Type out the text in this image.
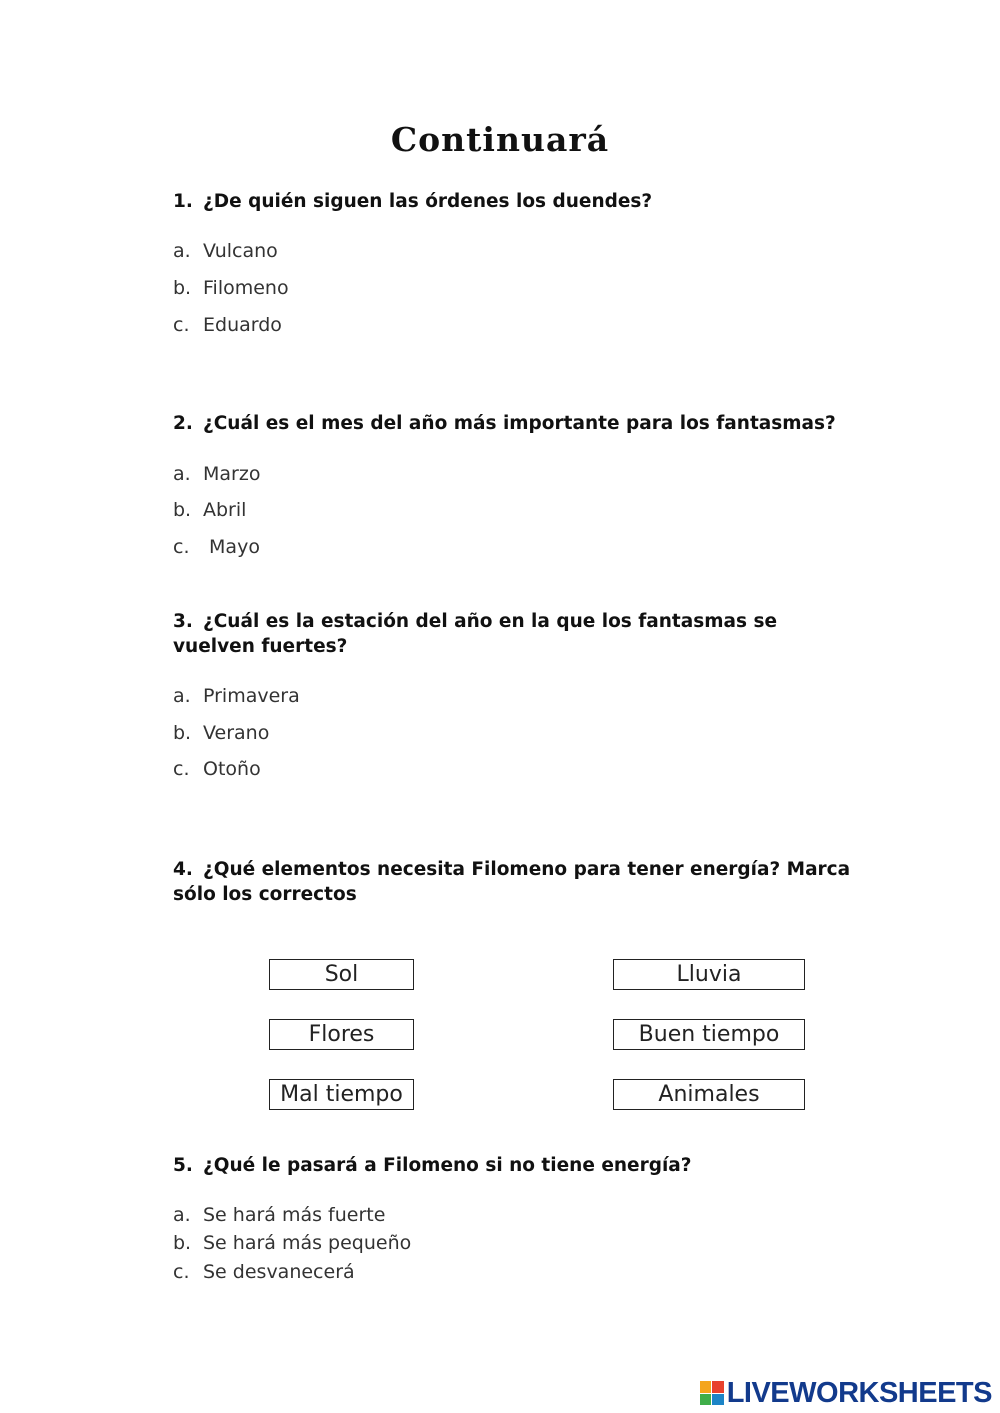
Continuará
1. ¿De quién siguen las órdenes los duendes?
a. Vulcano
b. Filomeno
c. Eduardo
2. ¿Cuál es el mes del año más importante para los fantasmas?
a. Marzo
b. Abril
c. Mayo
3. ¿Cuál es la estación del año en la que los fantasmas se vuelven fuertes?
a. Primavera
b. Verano
c. Otoño
4. ¿Qué elementos necesita Filomeno para tener energía? Marca sólo los correctos
Sol	Lluvia
Flores	Buen tiempo
Mal tiempo	Animales
5. ¿Qué le pasará a Filomeno si no tiene energía?
a. Se hará más fuerte
b. Se hará más pequeño
c. Se desvanecerá
LIVEWORKSHEETS
